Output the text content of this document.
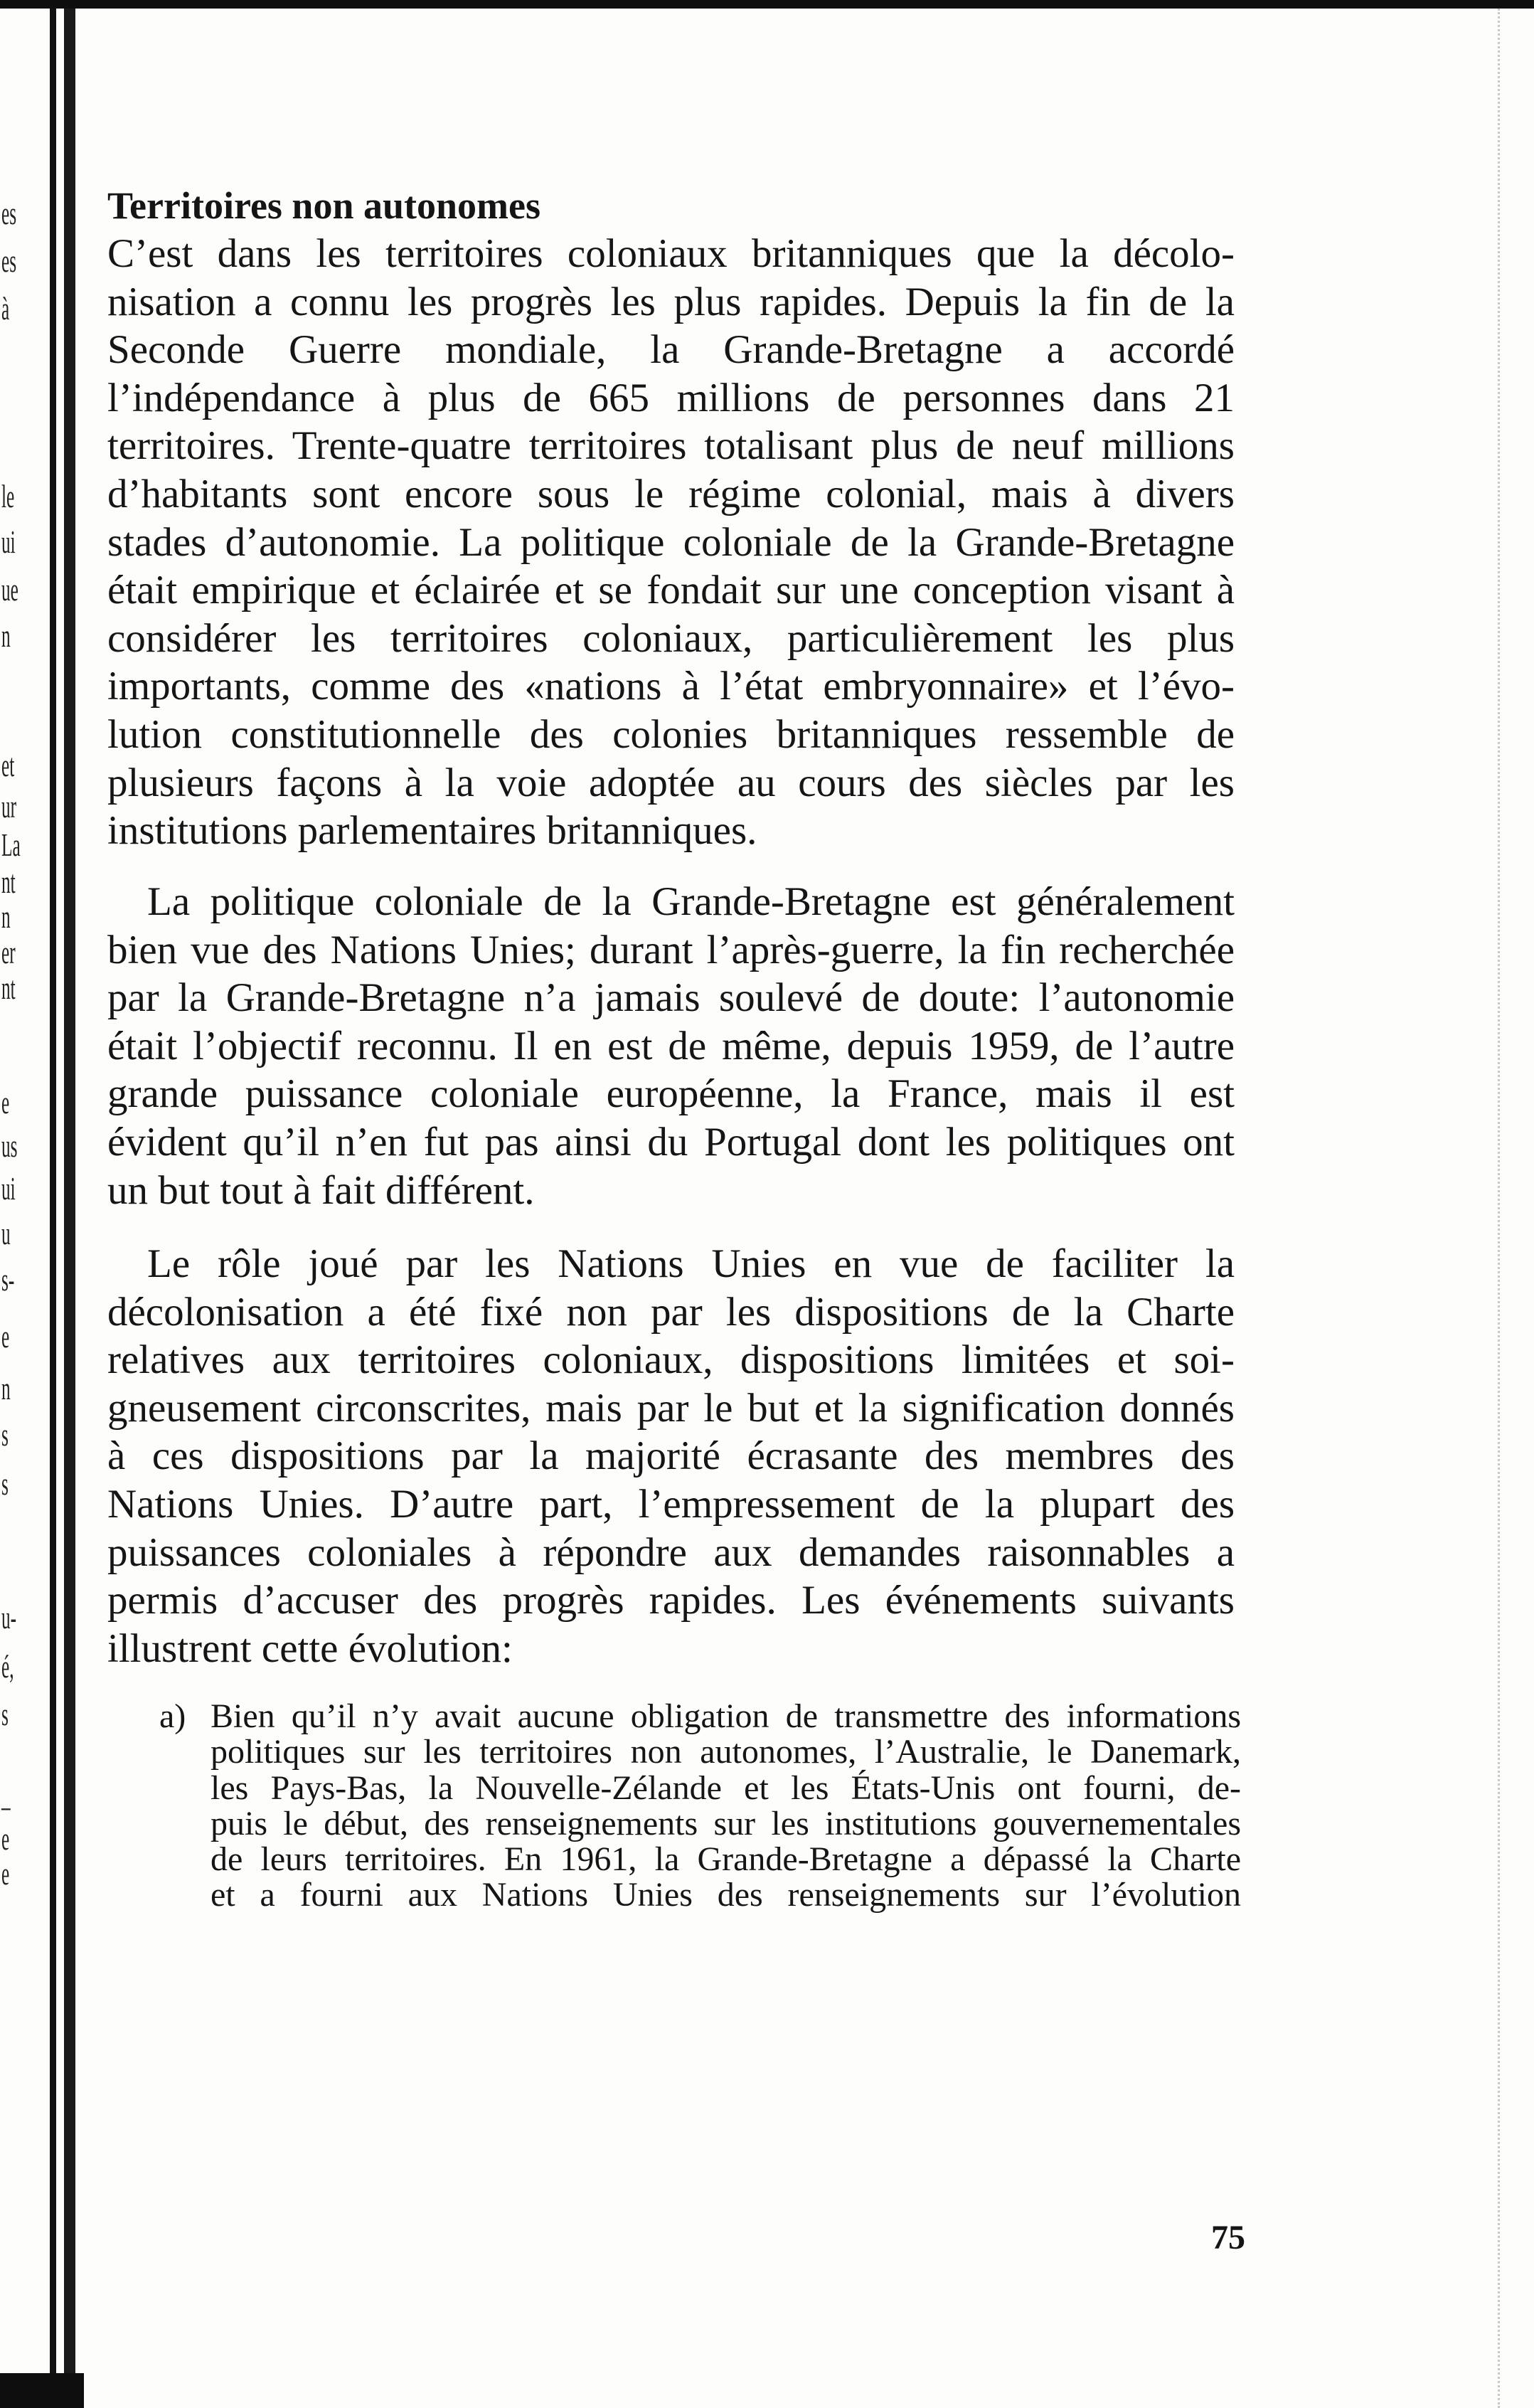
es
es
à
le
ui
ue
n
et
ur
La
nt
n
er
nt
e
us
ui
u
s-
e
n
s
s
u-
é,
s
–
e
e
Territoires non autonomes
C’est dans les territoires coloniaux britanniques que la décolo-
nisation a connu les progrès les plus rapides. Depuis la fin de la
Seconde Guerre mondiale, la Grande-Bretagne a accordé
l’indépendance à plus de 665 millions de personnes dans 21
territoires. Trente-quatre territoires totalisant plus de neuf millions
d’habitants sont encore sous le régime colonial, mais à divers
stades d’autonomie. La politique coloniale de la Grande-Bretagne
était empirique et éclairée et se fondait sur une conception visant à
considérer les territoires coloniaux, particulièrement les plus
importants, comme des «nations à l’état embryonnaire» et l’évo-
lution constitutionnelle des colonies britanniques ressemble de
plusieurs façons à la voie adoptée au cours des siècles par les
institutions parlementaires britanniques.
La politique coloniale de la Grande-Bretagne est généralement
bien vue des Nations Unies; durant l’après-guerre, la fin recherchée
par la Grande-Bretagne n’a jamais soulevé de doute: l’autonomie
était l’objectif reconnu. Il en est de même, depuis 1959, de l’autre
grande puissance coloniale européenne, la France, mais il est
évident qu’il n’en fut pas ainsi du Portugal dont les politiques ont
un but tout à fait différent.
Le rôle joué par les Nations Unies en vue de faciliter la
décolonisation a été fixé non par les dispositions de la Charte
relatives aux territoires coloniaux, dispositions limitées et soi-
gneusement circonscrites, mais par le but et la signification donnés
à ces dispositions par la majorité écrasante des membres des
Nations Unies. D’autre part, l’empressement de la plupart des
puissances coloniales à répondre aux demandes raisonnables a
permis d’accuser des progrès rapides. Les événements suivants
illustrent cette évolution:
a) Bien qu’il n’y avait aucune obligation de transmettre des informations
politiques sur les territoires non autonomes, l’Australie, le Danemark,
les Pays-Bas, la Nouvelle-Zélande et les États-Unis ont fourni, de-
puis le début, des renseignements sur les institutions gouvernementales
de leurs territoires. En 1961, la Grande-Bretagne a dépassé la Charte
et a fourni aux Nations Unies des renseignements sur l’évolution
75
